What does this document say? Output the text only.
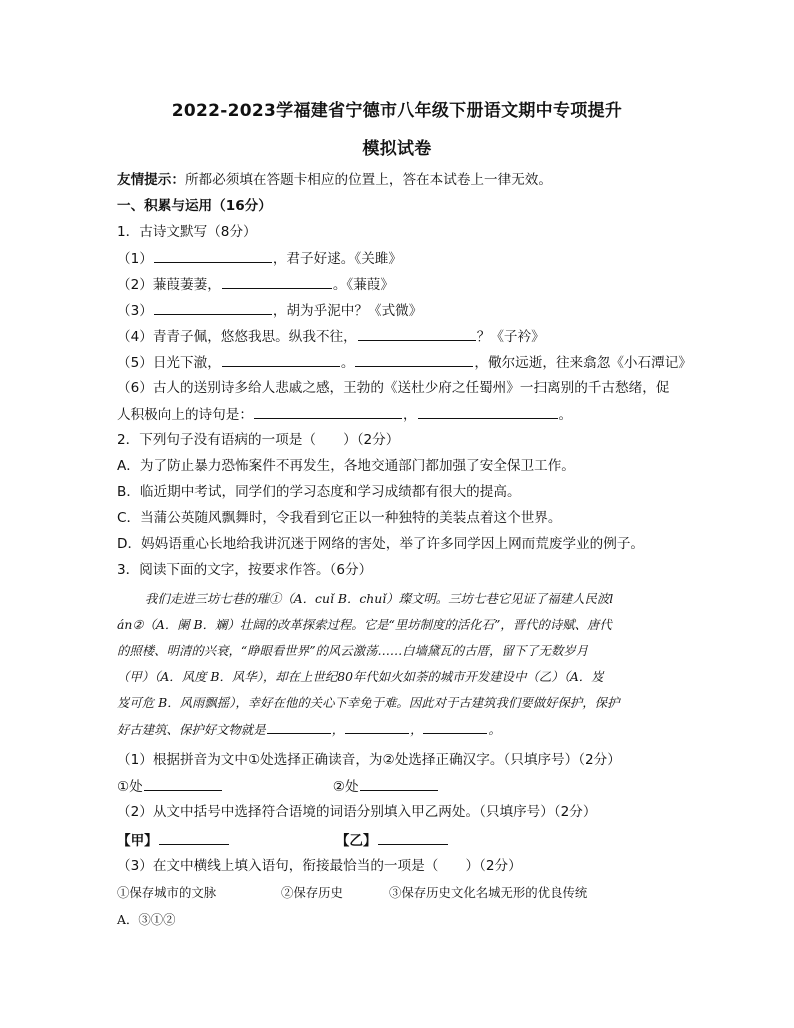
2022-2023学福建省宁德市八年级下册语文期中专项提升
模拟试卷
友情提示：所都必须填在答题卡相应的位置上，答在本试卷上一律无效。
一、积累与运用（16分）
1．古诗文默写（8分）
（1）	，君子好逑。《关雎》
（2）蒹葭萋萋，	。《蒹葭》
（3）	，胡为乎泥中？《式微》
（4）青青子佩，悠悠我思。纵我不往，	？《子衿》
（5）日光下澈，	。	，儆尔远逝，往来翕忽《小石潭记》
（6）古人的送别诗多给人悲戚之感，王勃的《送杜少府之任蜀州》一扫离别的千古愁绪，促
人积极向上的诗句是：	，	。
2．下列句子没有语病的一项是（　　）（2分）
A．为了防止暴力恐怖案件不再发生，各地交通部门都加强了安全保卫工作。
B．临近期中考试，同学们的学习态度和学习成绩都有很大的提高。
C．当蒲公英随风飘舞时，令我看到它正以一种独特的美装点着这个世界。
D．妈妈语重心长地给我讲沉迷于网络的害处，举了许多同学因上网而荒废学业的例子。
3．阅读下面的文字，按要求作答。（6分）
我们走进三坊七巷的璀①（A．cuǐ B．chuǐ）璨文明。三坊七巷它见证了福建人民波l
án②（A．阑 B．斓）壮阔的改革探索过程。它是“里坊制度的活化石”，晋代的诗赋、唐代
的照楼、明清的兴衰，“睁眼看世界”的风云激荡……白墙黛瓦的古厝，留下了无数岁月
（甲）（A．风度 B．风华），却在上世纪80年代如火如荼的城市开发建设中（乙）（A．岌
岌可危 B．风雨飘摇），幸好在他的关心下幸免于难。因此对于古建筑我们要做好保护，保护
好古建筑、保护好文物就是	，	，	。
（1）根据拼音为文中①处选择正确读音，为②处选择正确汉字。（只填序号）（2分）
①处	②处
（2）从文中括号中选择符合语境的词语分别填入甲乙两处。（只填序号）（2分）
【甲】	【乙】
（3）在文中横线上填入语句，衔接最恰当的一项是（　　）（2分）
①保存城市的文脉	②保存历史	③保存历史文化名城无形的优良传统
A．③①②
